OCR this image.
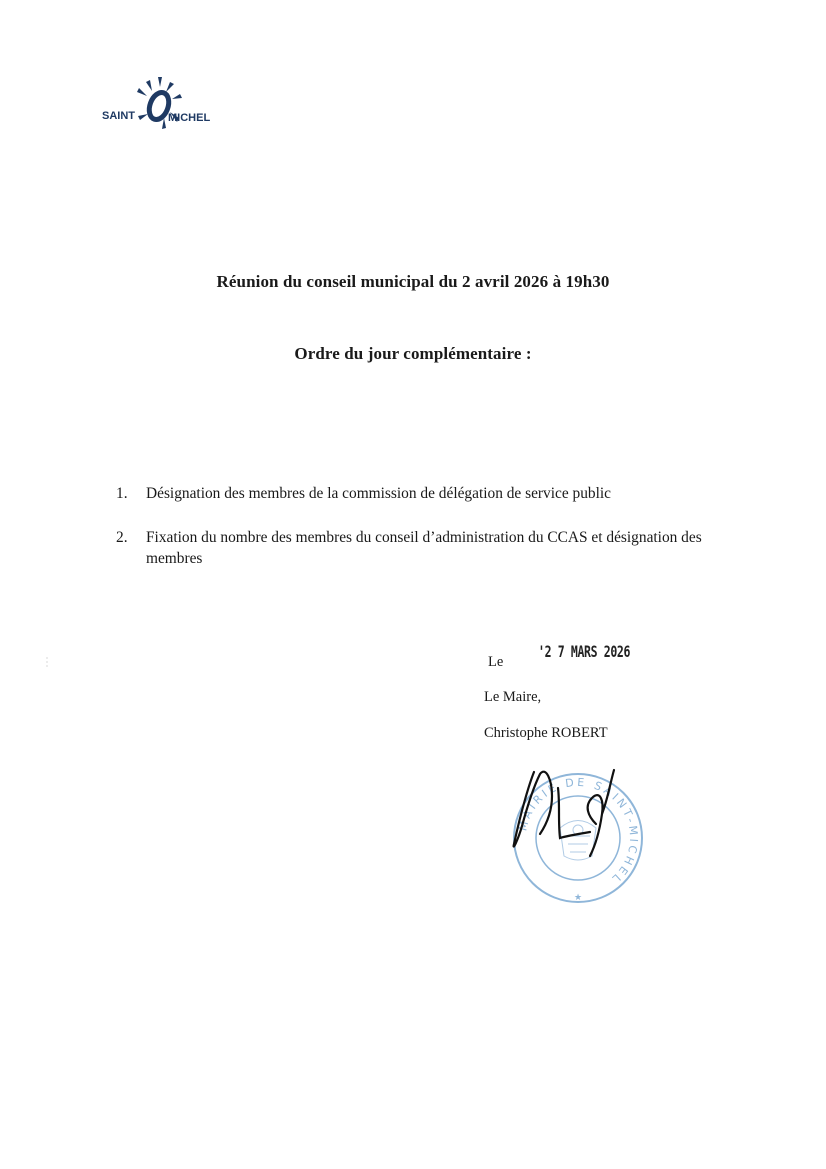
SAINT	MICHEL
Réunion du conseil municipal du 2 avril 2026 à 19h30
Ordre du jour complémentaire :
1.	Désignation des membres de la commission de délégation de service public
2.	Fixation du nombre des membres du conseil d’administration du CCAS et désignation des membres
Le
'2 7 MARS 2026
Le Maire,
Christophe ROBERT
MAIRIE DE SAINT-MICHEL
★
